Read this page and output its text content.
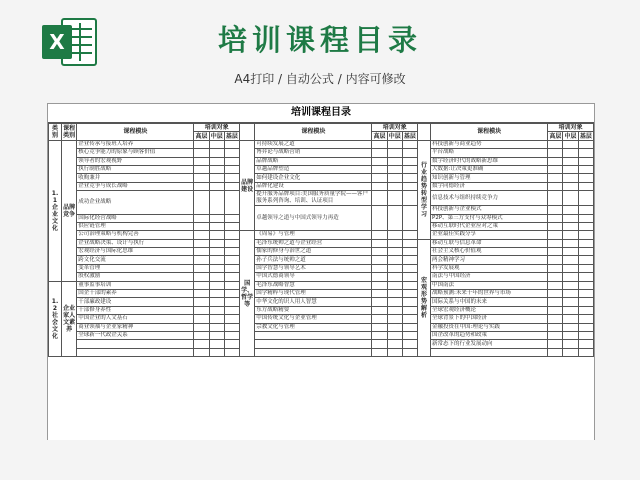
X	培训课程目录
A4打印 / 自动公式 / 内容可修改
培训课程目录
类别	课程类别	课程模块	培训对象				课程模块	培训对象				课程模块	培训对象		
			高层	中层	基层			高层	中层	基层			高层	中层	基层
1.1 企业文化	品牌竞争	企业传承与接班人培养				品牌建设	可持续发展之道				行业趋势转型学习	科技创新与商业趋势			
		核心竞争能力的原象与顾客价值					博弈论与战略营销					平台战略			
		领导者的宏观视野					品牌战略					数字经济时代的战略新思维			
		执行制胜战略					卓越品牌塑造					大数据:让决策更准确			
		收购兼并					如何建设企业文化					知识创新与管理			
		企业竞争与成长战略					品牌化建设					数字同德经济			
		成功企业战略					提升服务品牌项目:美国服务质量学院——客户服务系列咨询、培训、认证项目					信息技术与组织持续竞争力			

							卓越领导之道与中国式领导力再造					科技创新与企业模式			
		国际化经营战略										P2P、第三方支付与众筹模式			
		供应链管理										移动互联时代企业应对之策			
		公司治理策略与机构完善				国学、哲学等	《周易》与管理					企业最佳实践分享			
		企业战略决策、设计与执行					毛泽东统帅之道与企业经营				宏观形势解析	移动互联与信息革命			
		宏观经济与国际化思维					儒家的修身与治世之道					社会主义核心价值观			
		跨文化交流					孙子兵法与统帅之道					两会精神学习			
		变革管理					国学智慧与领导艺术					科学发展观			
		股权激励					中国式德商领导					南法与中国经济			
1.2 社会文化	企业家人文素养	董事监事培训					毛泽东战略智慧					中国南法			
		国企干部的素养					国学精粹与现代管理					战略预测:未来十年的世界与市场			
		干部廉政建设					中华文化的识人用人智慧					国际关系与中国的未来			
		干部修身养性					东方战略精要					全球宏观经济概论			
		中国企业的人文基石					中国传统文化与企业管理					全球背景下的中国经济			
		商业领袖与企业家精神					宗教文化与管理					金融投资在中国:理论与实践			
		全球新一代政企关系										国企改革的趋势和政策			
												新常态下的行业发展动向			
